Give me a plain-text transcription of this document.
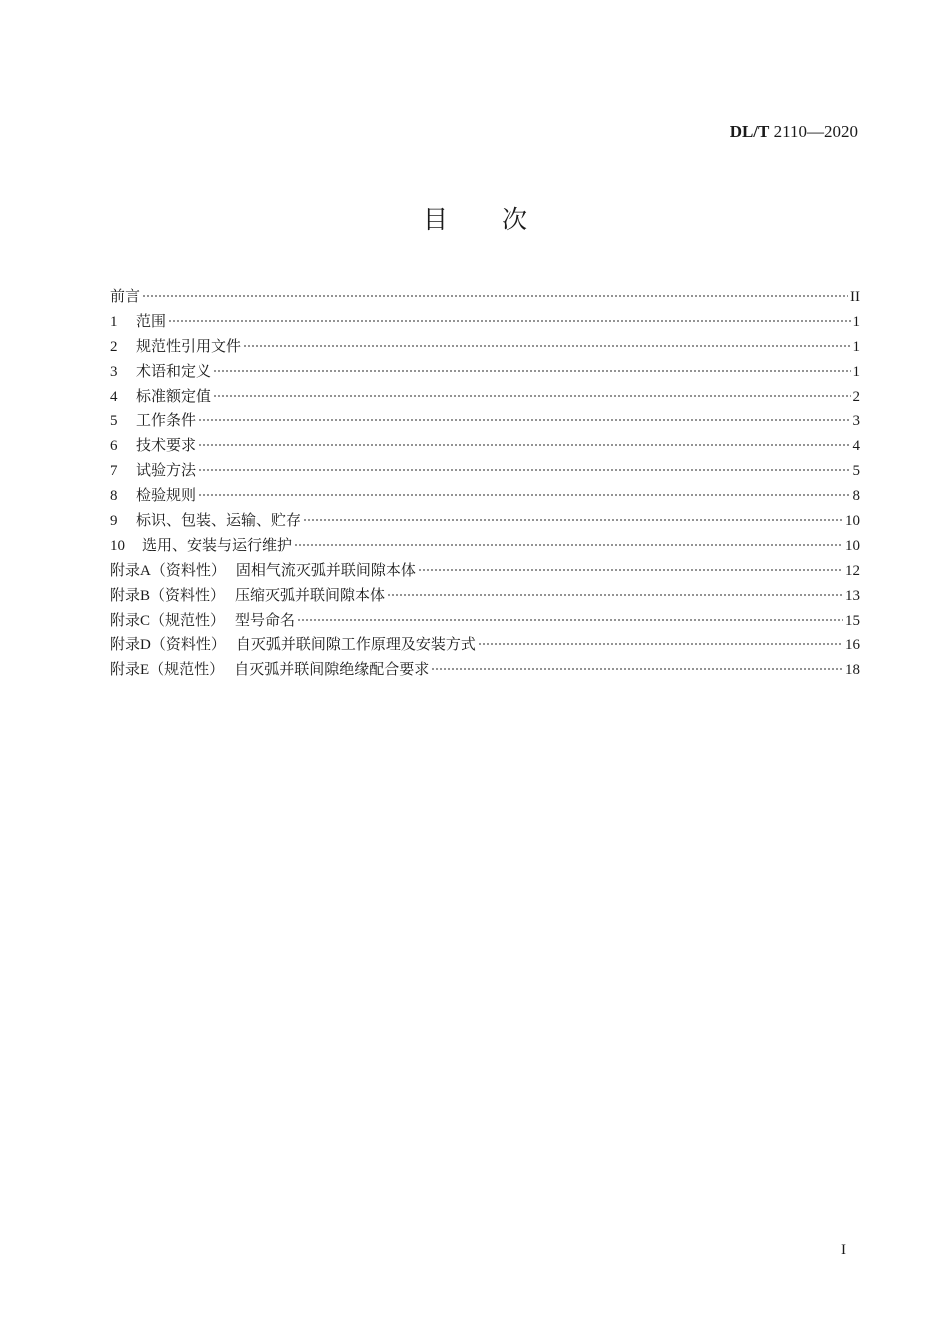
DL/T 2110—2020
目次
前言	II
1	范围	1
2	规范性引用文件	1
3	术语和定义	1
4	标准额定值	2
5	工作条件	3
6	技术要求	4
7	试验方法	5
8	检验规则	8
9	标识、包装、运输、贮存	10
10	选用、安装与运行维护	10
附录A （资料性） 固相气流灭弧并联间隙本体	12
附录B （资料性） 压缩灭弧并联间隙本体	13
附录C （规范性） 型号命名	15
附录D （资料性） 自灭弧并联间隙工作原理及安装方式	16
附录E （规范性） 自灭弧并联间隙绝缘配合要求	18
I
